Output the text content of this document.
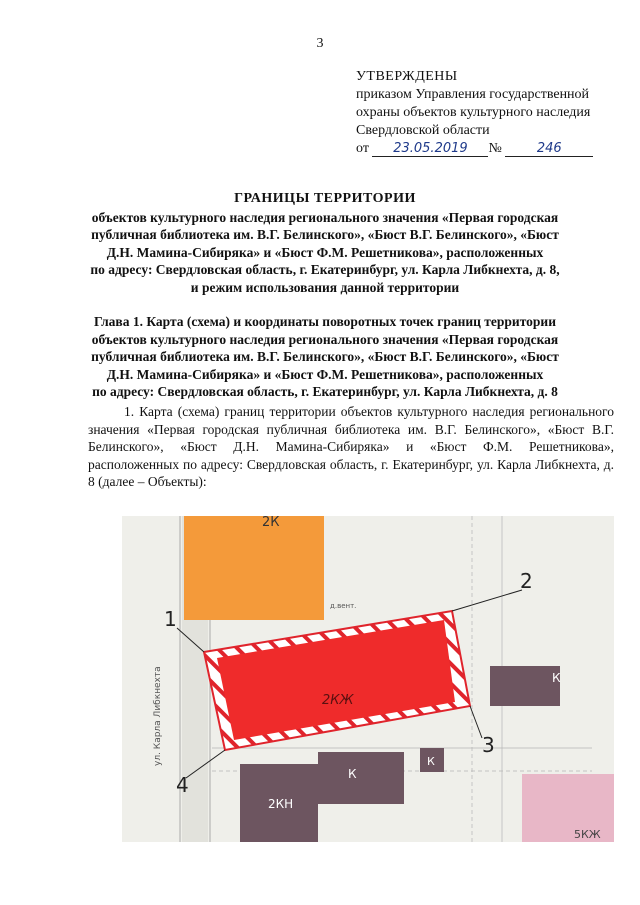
3
УТВЕРЖДЕНЫ
приказом Управления государственной
охраны объектов культурного наследия
Свердловской области
от 23.05.2019 №	246
ГРАНИЦЫ ТЕРРИТОРИИ
объектов культурного наследия регионального значения «Первая городская
публичная библиотека им. В.Г. Белинского», «Бюст В.Г. Белинского», «Бюст
Д.Н. Мамина-Сибиряка» и «Бюст Ф.М. Решетникова», расположенных
по адресу: Свердловская область, г. Екатеринбург, ул. Карла Либкнехта, д. 8,
и режим использования данной территории
Глава 1. Карта (схема) и координаты поворотных точек границ территории
объектов культурного наследия регионального значения «Первая городская
публичная библиотека им. В.Г. Белинского», «Бюст В.Г. Белинского», «Бюст
Д.Н. Мамина-Сибиряка» и «Бюст Ф.М. Решетникова», расположенных
по адресу: Свердловская область, г. Екатеринбург, ул. Карла Либкнехта, д. 8
1. Карта (схема) границ территории объектов культурного наследия регионального значения «Первая городская публичная библиотека им. В.Г. Белинского», «Бюст В.Г. Белинского», «Бюст Д.Н. Мамина-Сибиряка» и «Бюст Ф.М. Решетникова», расположенных по адресу: Свердловская область, г. Екатеринбург, ул. Карла Либкнехта, д. 8 (далее – Объекты):
2К
2КЖ
2КН
К
К
К
5КЖ
д.вент.
ул. Карла Либкнехта
1
2
3
4
